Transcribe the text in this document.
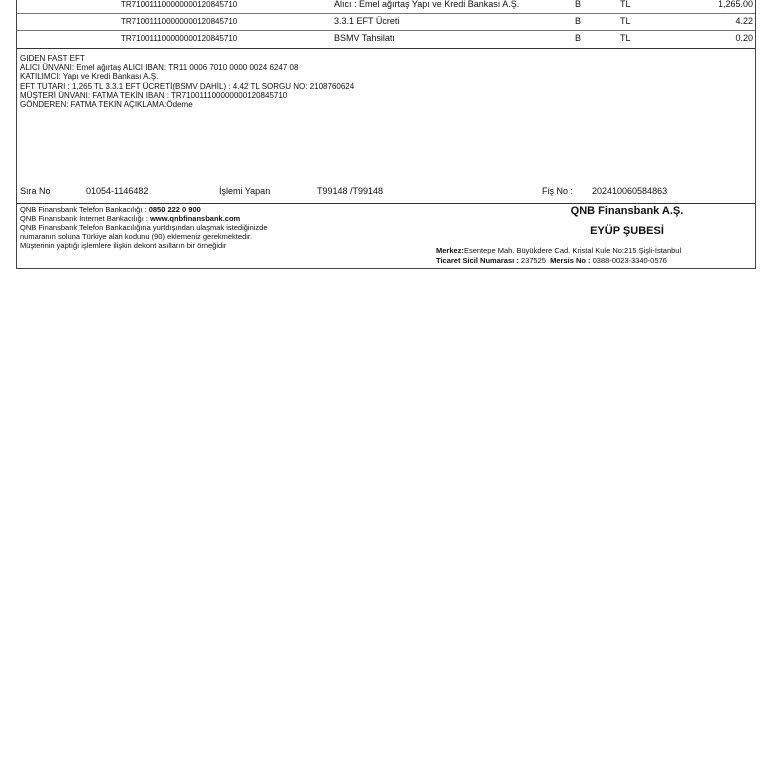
TR710011100000000120845710	Alıcı : Emel ağırtaş Yapı ve Kredi Bankası A.Ş.	B	TL	1,265.00
TR710011100000000120845710	3.3.1 EFT Ücreti	B	TL	4.22
TR710011100000000120845710	BSMV Tahsilatı	B	TL	0.20
GIDEN FAST EFT
ALICI ÜNVANI: Emel ağırtaş ALICI IBAN: TR11 0006 7010 0000 0024 6247 08
KATILIMCI: Yapı ve Kredi Bankası A.Ş.
EFT TUTARI : 1,265 TL 3.3.1 EFT ÜCRETİ(BSMV DAHİL) : 4.42 TL SORGU NO: 2108760624
MÜŞTERİ ÜNVANI: FATMA TEKİN IBAN : TR710011100000000120845710
GÖNDEREN: FATMA TEKİN AÇIKLAMA:Ödeme
Sıra No	01054-1146482	İşlemi Yapan	T99148 /T99148	Fiş No : 202410060584863
QNB Finansbank Telefon Bankacılığı : 0850 222 0 900
QNB Finansbank İnternet Bankacılığı : www.qnbfinansbank.com
QNB Finansbank Telefon Bankacılığına yurtdışından ulaşmak istediğinizde
numaranın soluna Türkiye alan kodunu (90) eklemeniz gerekmektedir.
Müşterinin yaptığı işlemlere ilişkin dekont asılların bir örneğidir
QNB Finansbank A.Ş.
EYÜP ŞUBESİ
Merkez:Esentepe Mah. Büyükdere Cad. Kristal Kule No:215 Şişli-İstanbul
Ticaret Sicil Numarası : 237525 Mersis No : 0388-0023-3340-0576
